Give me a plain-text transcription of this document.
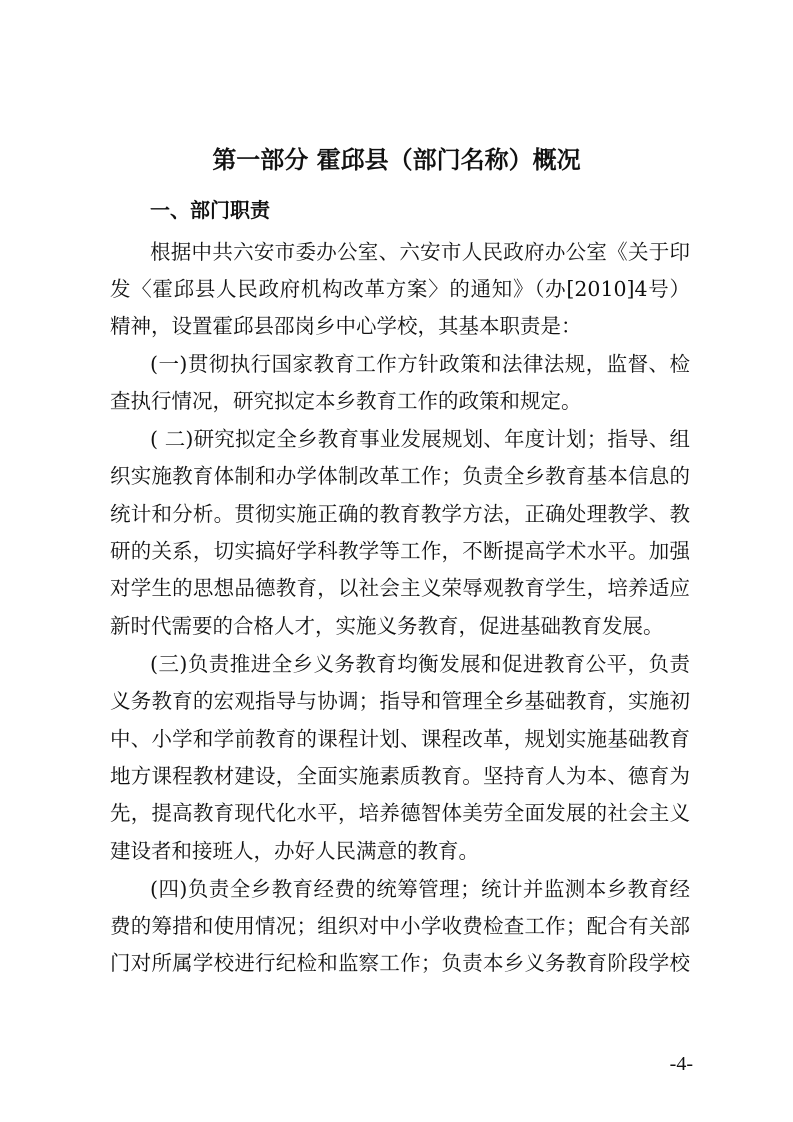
第一部分 霍邱县（部门名称）概况
一、部门职责

根据中共六安市委办公室、六安市人民政府办公室《关于印

发〈霍邱县人民政府机构改革方案〉的通知》（办[2010]4号）

精神，设置霍邱县邵岗乡中心学校，其基本职责是：

(一)贯彻执行国家教育工作方针政策和法律法规，监督、检

查执行情况，研究拟定本乡教育工作的政策和规定。

( 二)研究拟定全乡教育事业发展规划、年度计划；指导、组

织实施教育体制和办学体制改革工作；负责全乡教育基本信息的

统计和分析。贯彻实施正确的教育教学方法，正确处理教学、教

研的关系，切实搞好学科教学等工作，不断提高学术水平。加强

对学生的思想品德教育，以社会主义荣辱观教育学生，培养适应

新时代需要的合格人才，实施义务教育，促进基础教育发展。

(三)负责推进全乡义务教育均衡发展和促进教育公平，负责

义务教育的宏观指导与协调；指导和管理全乡基础教育，实施初

中、小学和学前教育的课程计划、课程改革，规划实施基础教育

地方课程教材建设，全面实施素质教育。坚持育人为本、德育为

先，提高教育现代化水平，培养德智体美劳全面发展的社会主义

建设者和接班人，办好人民满意的教育。

(四)负责全乡教育经费的统筹管理；统计并监测本乡教育经

费的筹措和使用情况；组织对中小学收费检查工作；配合有关部

门对所属学校进行纪检和监察工作；负责本乡义务教育阶段学校

-4-
